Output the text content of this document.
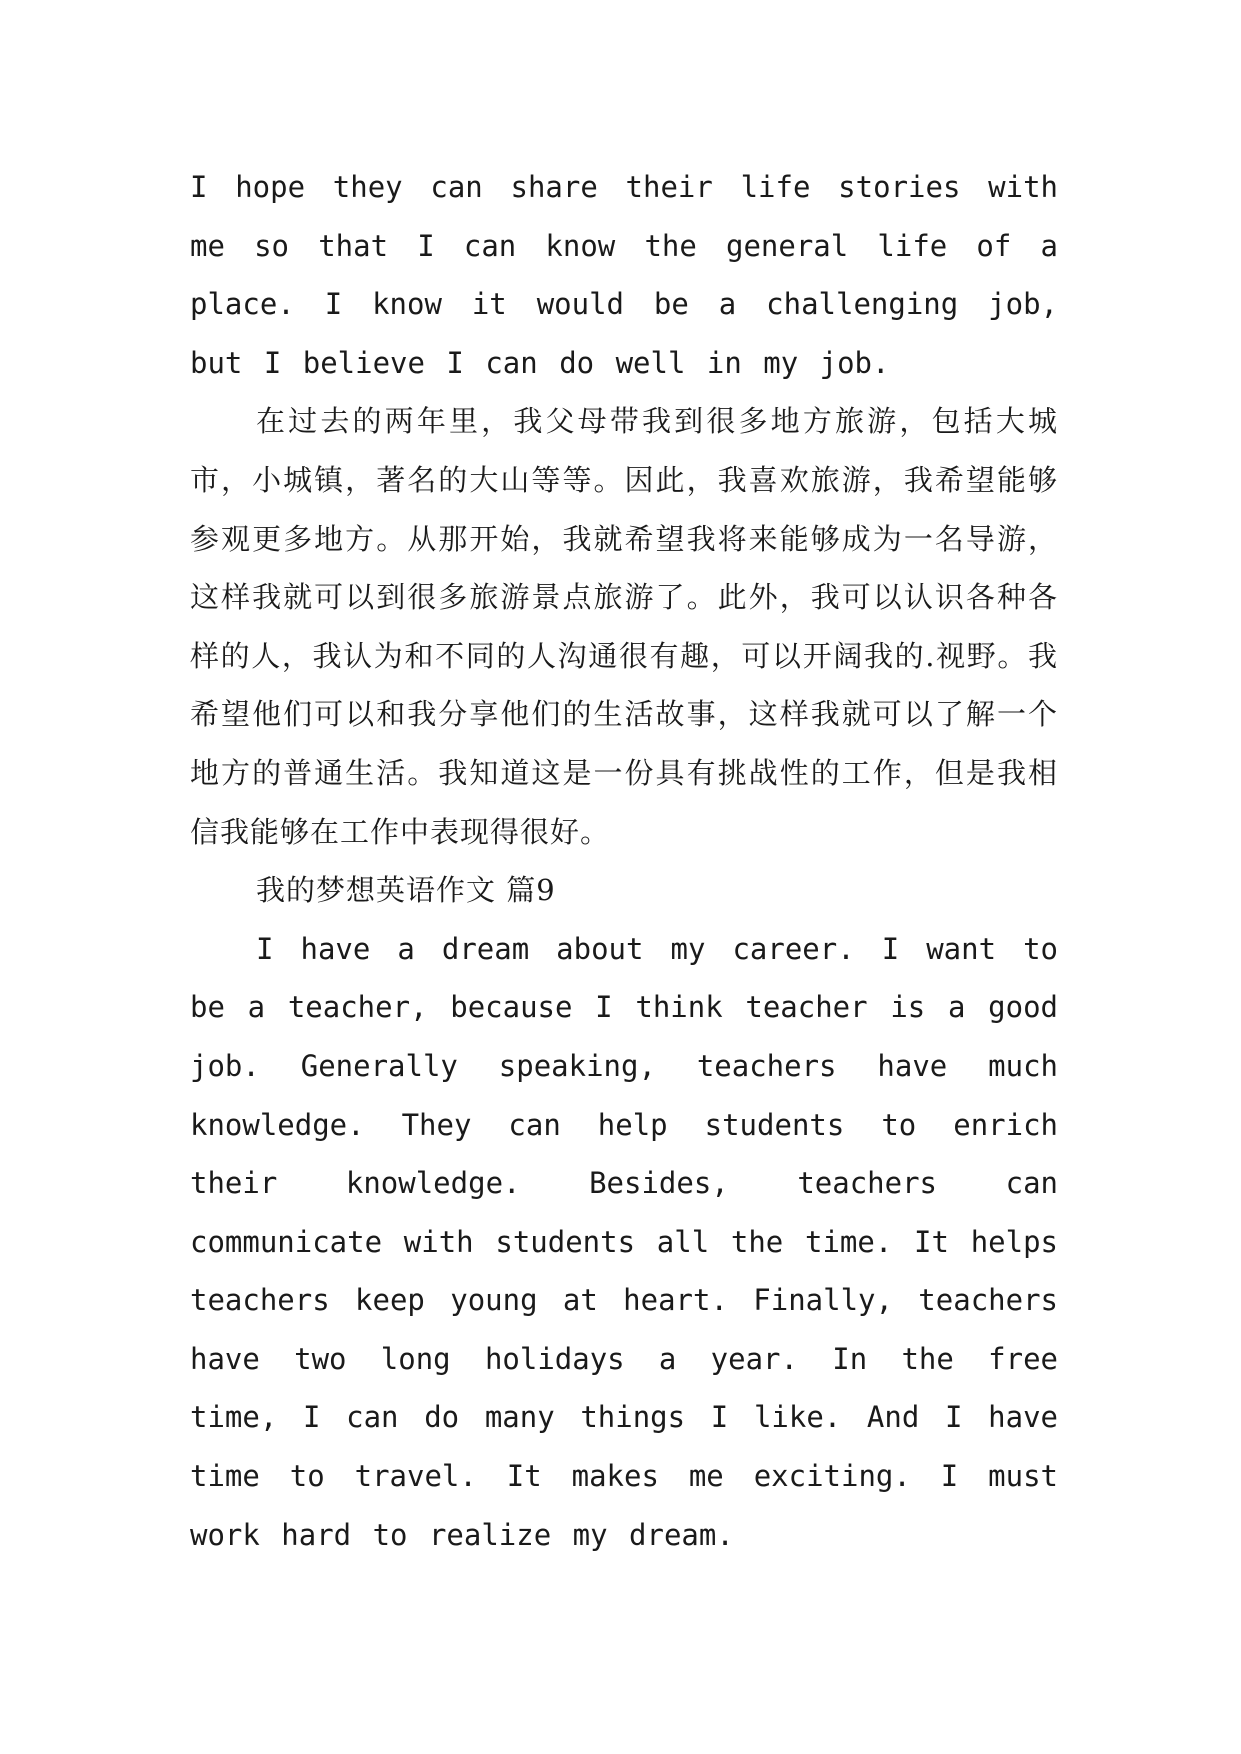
I hope they can share their life stories with me so that I can know the general life of a place. I know it would be a challenging job, but I believe I can do well in my job.

在过去的两年里，我父母带我到很多地方旅游，包括大城市，小城镇，著名的大山等等。因此，我喜欢旅游，我希望能够参观更多地方。从那开始，我就希望我将来能够成为一名导游，这样我就可以到很多旅游景点旅游了。此外，我可以认识各种各样的人，我认为和不同的人沟通很有趣，可以开阔我的.视野。我希望他们可以和我分享他们的生活故事，这样我就可以了解一个地方的普通生活。我知道这是一份具有挑战性的工作，但是我相信我能够在工作中表现得很好。

我的梦想英语作文 篇9

I have a dream about my career. I want to be a teacher, because I think teacher is a good job. Generally speaking, teachers have much knowledge. They can help students to enrich their knowledge. Besides, teachers can communicate with students all the time. It helps teachers keep young at heart. Finally, teachers have two long holidays a year. In the free time, I can do many things I like. And I have time to travel. It makes me exciting. I must work hard to realize my dream.
